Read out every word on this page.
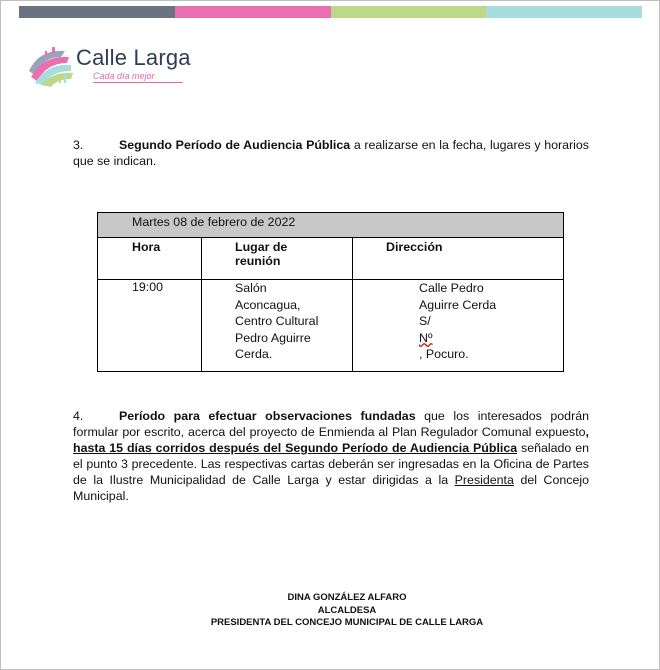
Calle Larga
Cada día mejor

3.	Segundo Período de Audiencia Pública a realizarse en la fecha, lugares y horarios que se indican.

Martes 08 de febrero de 2022		

Hora	Lugar de reunión	Dirección

19:00	Salón Aconcagua, Centro Cultural Pedro Aguirre Cerda.	Calle Pedro Aguirre Cerda S/
Nº
, Pocuro.

4.	Período para efectuar observaciones fundadas que los interesados podrán formular por escrito, acerca del proyecto de Enmienda al Plan Regulador Comunal expuesto, hasta 15 días corridos después del Segundo Período de Audiencia Pública señalado en el punto 3 precedente. Las respectivas cartas deberán ser ingresadas en la Oficina de Partes de la Ilustre Municipalidad de Calle Larga y estar dirigidas a la Presidenta del Concejo Municipal.

DINA GONZÁLEZ ALFARO
ALCALDESA
PRESIDENTA DEL CONCEJO MUNICIPAL DE CALLE LARGA
